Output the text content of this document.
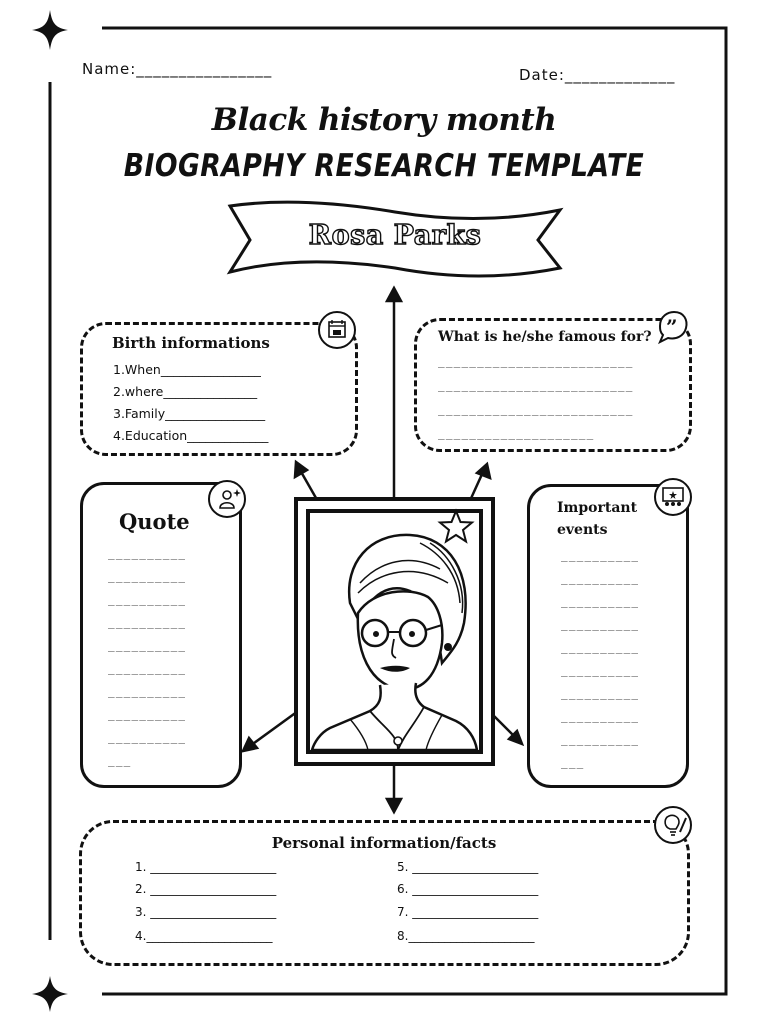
Name:________________	Date:_____________
Black history month
BIOGRAPHY RESEARCH TEMPLATE
Rosa Parks
Birth informations
1.When________________
2.where_______________
3.Family________________
4.Education_____________
What is he/she famous for?
_________________________
_________________________
_________________________
____________________
”
Quote
__________
__________
__________
__________
__________
__________
__________
__________
__________
___
Important
events
__________
__________
__________
__________
__________
__________
__________
__________
__________
___
Personal information/facts
1. _____________________
2. _____________________
3. _____________________
4._____________________
5. _____________________
6. _____________________
7. _____________________
8._____________________
